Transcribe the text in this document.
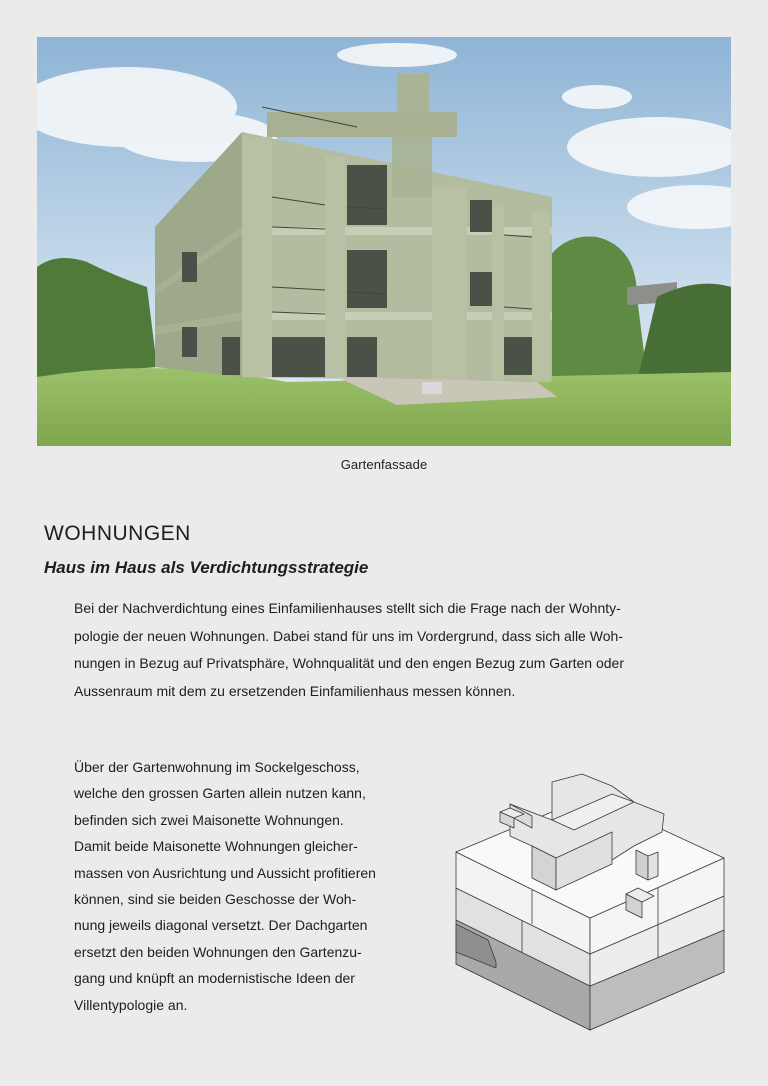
Gartenfassade
WOHNUNGEN
Haus im Haus als Verdichtungsstrategie

Bei der Nachverdichtung eines Einfamilienhauses stellt sich die Frage nach der Wohnty-
pologie der neuen Wohnungen. Dabei stand für uns im Vordergrund, dass sich alle Woh-
nungen in Bezug auf Privatsphäre, Wohnqualität und den engen Bezug zum Garten oder
Aussenraum mit dem zu ersetzenden Einfamilienhaus messen können.

Über der Gartenwohnung im Sockelgeschoss,
welche den grossen Garten allein nutzen kann,
befinden sich zwei Maisonette Wohnungen.
Damit beide Maisonette Wohnungen gleicher-
massen von Ausrichtung und Aussicht profitieren
können, sind sie beiden Geschosse der Woh-
nung jeweils diagonal versetzt. Der Dachgarten
ersetzt den beiden Wohnungen den Gartenzu-
gang und knüpft an modernistische Ideen der
Villentypologie an.
